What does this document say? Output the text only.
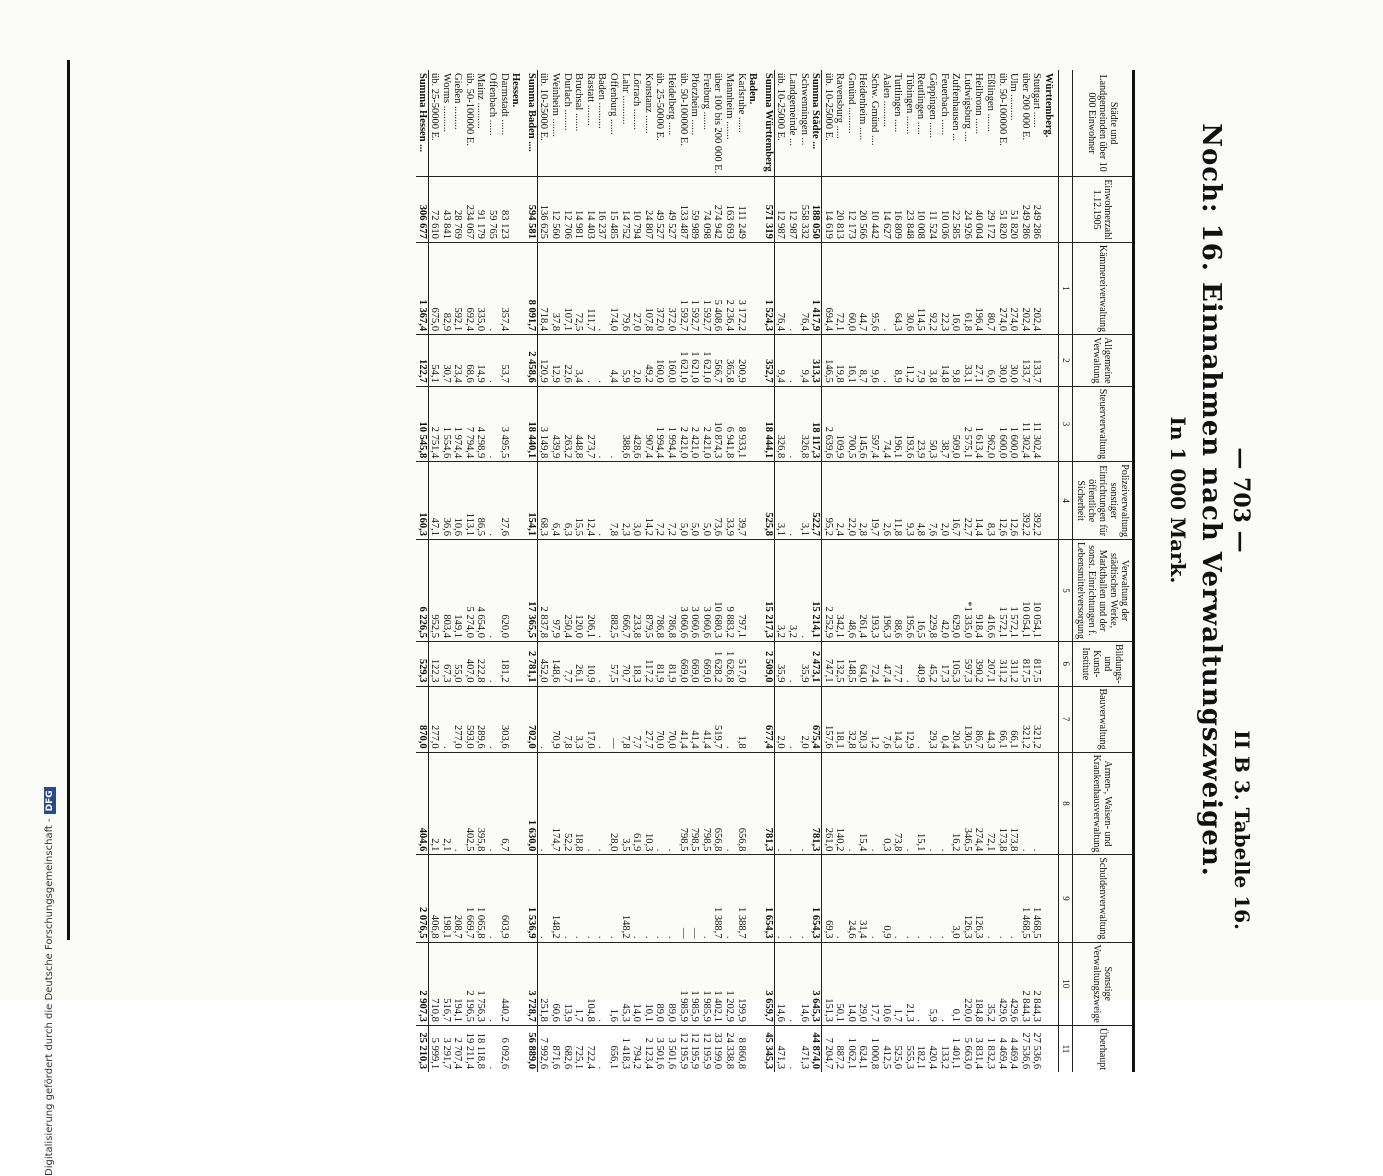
— 703 —
II B 3. Tabelle 16.
Noch: 16. Einnahmen nach Verwaltungszweigen.
In 1 000 Mark.
Städte und Landgemeinden über 10 000 Einwohner	Einwohnerzahl 1.12.1905	Kämmereiverwaltung	Allgemeine Verwaltung	Steuerverwaltung	Polizeiverwaltung sonstiger Einrichtungen für öffentliche Sicherheit	Verwaltung der städtischen Werke, Markthallen und der sonst. Einrichtungen f. Lebensmittelversorgung	Bildungs- und Kunst-Institute	Bauverwaltung	Armen-, Waisen- und Krankenhausverwaltung	Schuldenverwaltung	Sonstige Verwaltungszweige	Überhaupt
		1	2	3	4	5	6	7	8	9	10	11
Württemberg.												
Stuttgart ......	249 286	202,4	133,7	11 302,4	392,2	10 054,1	817,5	321,2	.	1 468,5	2 844,3	27 536,6
über 200 000 E.	249 286	202,4	133,7	11 302,4	392,2	10 054,1	817,5	321,2	.	1 468,5	2 844,3	27 536,6
Ulm ..........	51 820	274,0	30,0	1 600,0	12,6	1 572,1	311,2	66,1	173,8	.	429,6	4 469,4
üb. 50-100000 E.	51 820	274,0	30,0	1 600,0	12,6	1 572,1	311,2	66,1	173,8	.	429,6	4 469,4
Eßlingen .......	29 172	80,7	6,0	962,0	8,3	416,6	207,1	44,3	72,1	.	35,2	1 832,3
Heilbronn ......	40 004	196,4	27,1	1 613,4	14,4	918,4	390,2	86,7	274,4	126,3	184,8	3 831,4
Ludwigsburg ....	24 926	61,8	33,1	2 575,1	22,7	*1 335,0	597,3	130,5	346,5	126,3	220,0	5 663,0
Zuffenhausen ...	22 585	16,0	9,8	509,0	16,7	629,0	105,3	20,4	16,2	3,0	0,1	1 401,1
Feuerbach ......	10 036	22,3	14,8	38,7	2,0	42,0	17,3	0,4	.	.	.	133,2
Göppingen ......	11 524	92,2	3,8	50,3	7,6	229,8	45,2	29,3	.	.	5,9	420,4
Reutlingen .....	10 008	114,5	7,9	23,9	4,8	16,5	40,9	.	15,1	.	.	182,1
Tübingen .......	23 848	30,6	11,2	193,6	9,3	195,6	.	12,9	.	.	21,3	555,3
Tuttlingen .....	16 809	64,3	8,9	196,1	11,8	88,6	77,7	14,3	73,8	.	1,7	525,0
Aalen ..........	14 627	.	.	74,4	2,6	196,3	47,4	7,6	0,3	0,9	10,6	412,5
Schw. Gmünd ....	10 442	95,6	9,6	597,4	19,7	193,3	72,4	1,2	.	.	17,7	1 000,8
Heidenheim .....	20 566	44,7	8,7	145,6	2,8	261,4	64,0	20,3	15,4	31,4	29,0	624,1
Gmünd ..........	12 173	60,0	16,1	700,5	22,0	48,6	148,5	32,8	.	24,6	14,0	1 062,1
Ravensburg .....	20 813	72,1	19,8	109,9	2,4	342,1	132,5	18,1	140,2	.	50,1	887,2
üb. 10-25000 E.	14 619	694,4	146,5	2 639,6	95,2	2 252,9	747,1	157,6	261,0	69,3	151,3	7 204,7
Summa Städte ...	188 050	1 417,9	313,3	18 117,3	522,7	15 214,1	2 473,1	675,4	781,3	1 654,3	3 645,3	44 874,0
Schwenningen ...	558 332	76,4	9,4	326,8	3,1	.	35,9	2,0	.	.	14,6	471,3
Landgemeinde ...	12 987	.	.	.	.	3,2	.	.	.	.	.	.
üb. 10-25000 E.	12 987	76,4	9,4	326,8	3,1	3,2	35,9	2,0	.	.	14,6	471,3
Summa Württemberg	571 319	1 524,3	352,7	18 444,1	525,8	15 217,3	2 509,0	677,4	781,3	1 654,3	3 659,7	45 345,3
Baden.												
Karlsruhe ......	111 249	3 172,2	200,9	8 933,1	39,7	797,1	517,0	1,8	656,8	1 388,7	199,9	8 860,8
Mannheim .......	163 693	2 236,4	365,8	6 941,8	33,9	9 883,2	1 626,8	.	.	.	1 202,9	24 338,8
über 100 bis 200 000 E.	274 942	5 408,6	566,7	10 874,3	73,6	10 680,3	1 628,2	519,7	656,8	1 388,7	1 402,1	33 199,0
Freiburg .......	74 098	1 592,7	1 621,0	2 421,0	5,0	3 060,6	669,0	41,4	798,5	.	1 985,9	12 195,9
Pforzheim ......	59 989	1 592,7	1 621,0	2 421,0	5,0	3 060,6	669,0	41,4	798,5	—	1 985,9	12 195,9
üb. 50-100000 E.	133 487	1 592,7	1 621,0	2 421,0	5,0	3 060,6	669,0	41,4	798,5	—	1 985,9	12 195,9
Heidelberg .....	49 527	372,0	160,0	1 994,4	7,2	786,8	81,9	70,0	.	.	89,0	3 501,6
üb. 25-50000 E.	49 527	372,0	160,0	1 994,4	7,2	786,8	81,9	70,0	.	.	89,0	3 501,6
Konstanz .......	24 807	107,8	49,2	907,4	14,2	879,5	117,2	27,7	10,3	.	10,1	2 123,4
Lörrach ........	10 794	27,0	2,0	428,6	3,0	233,8	18,3	7,7	61,9	.	14,0	794,2
Lahr ...........	14 752	79,6	5,9	388,6	2,3	666,7	70,7	7,8	3,5	148,2	45,3	1 418,3
Offenburg ......	15 485	174,0	4,4	.	7,8	882,5	57,5	—	28,0	.	1,6	656,1
Baden ..........	16 237	.	.	.	.	.	.	.	.	.	.	.
Rastatt ........	14 403	111,7	.	273,7	12,4	206,1	10,9	17,0	.	.	104,8	722,4
Bruchsal .......	14 981	72,5	3,4	448,8	15,5	120,0	26,1	3,3	18,8	.	1,7	725,1
Durlach ........	12 706	107,1	22,6	263,2	6,3	250,4	7,7	7,8	52,2	.	13,9	682,6
Weinheim .......	12 560	37,8	12,9	439,9	6,4	97,9	148,6	70,9	174,7	148,2	60,6	871,6
üb. 10-25000 E.	136 625	718,4	120,9	3 149,8	68,3	2 837,8	452,0	.	.	.	251,8	7 992,6
Summa Baden ....	594 581	8 091,7	2 458,6	18 440,1	154,1	17 365,5	2 781,1	702,0	1 630,0	1 536,9	3 728,7	56 889,0
Hessen.												
Darmstadt ......	83 123	357,4	53,7	3 495,5	27,6	620,0	181,2	303,6	6,7	603,9	440,2	6 092,6
Offenbach ......	59 765	.	.	.	.	.	.	.	.	.	.	.
Mainz ..........	91 179	335,0	14,9	4 298,9	86,5	4 654,0	222,8	289,6	395,8	1 065,8	1 756,3	18 118,8
üb. 50-100000 E.	234 067	692,4	68,6	7 794,4	113,1	5 274,0	407,0	593,0	402,5	1 669,7	2 196,5	19 211,4
Gießen .........	28 769	592,1	23,4	1 974,4	10,6	149,1	55,0	277,0	.	208,7	194,1	2 707,4
Worms ..........	43 841	82,9	30,7	1 554,6	36,6	803,4	67,3	.	2,1	198,1	516,7	3 291,7
üb. 25-50000 E.	72 610	675,0	54,1	2 751,4	47,1	952,5	122,3	277,0	2,1	406,8	710,8	5 999,1
Summa Hessen ...	306 677	1 367,4	122,7	10 545,8	160,3	6 226,5	529,3	870,0	404,6	2 076,5	2 907,3	25 210,3
Digitalisierung gefördert durch die Deutsche Forschungsgemeinschaft -DFG
